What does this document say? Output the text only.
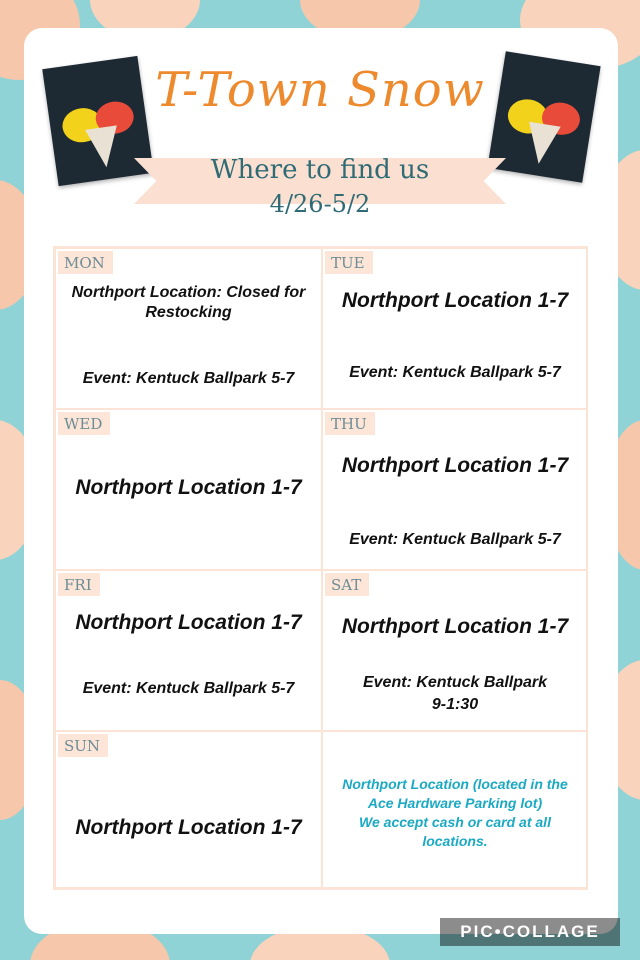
T-Town Snow
Where to find us
4/26-5/2
MON
Northport Location: Closed for Restocking
Event: Kentuck Ballpark 5-7
TUE
Northport Location 1-7
Event: Kentuck Ballpark 5-7
WED
Northport Location 1-7
THU
Northport Location 1-7
Event: Kentuck Ballpark 5-7
FRI
Northport Location 1-7
Event: Kentuck Ballpark 5-7
SAT
Northport Location 1-7
Event: Kentuck Ballpark
9-1:30
SUN
Northport Location 1-7
Northport Location (located in the
Ace Hardware Parking lot)
We accept cash or card at all
locations.
PIC•COLLAGE
